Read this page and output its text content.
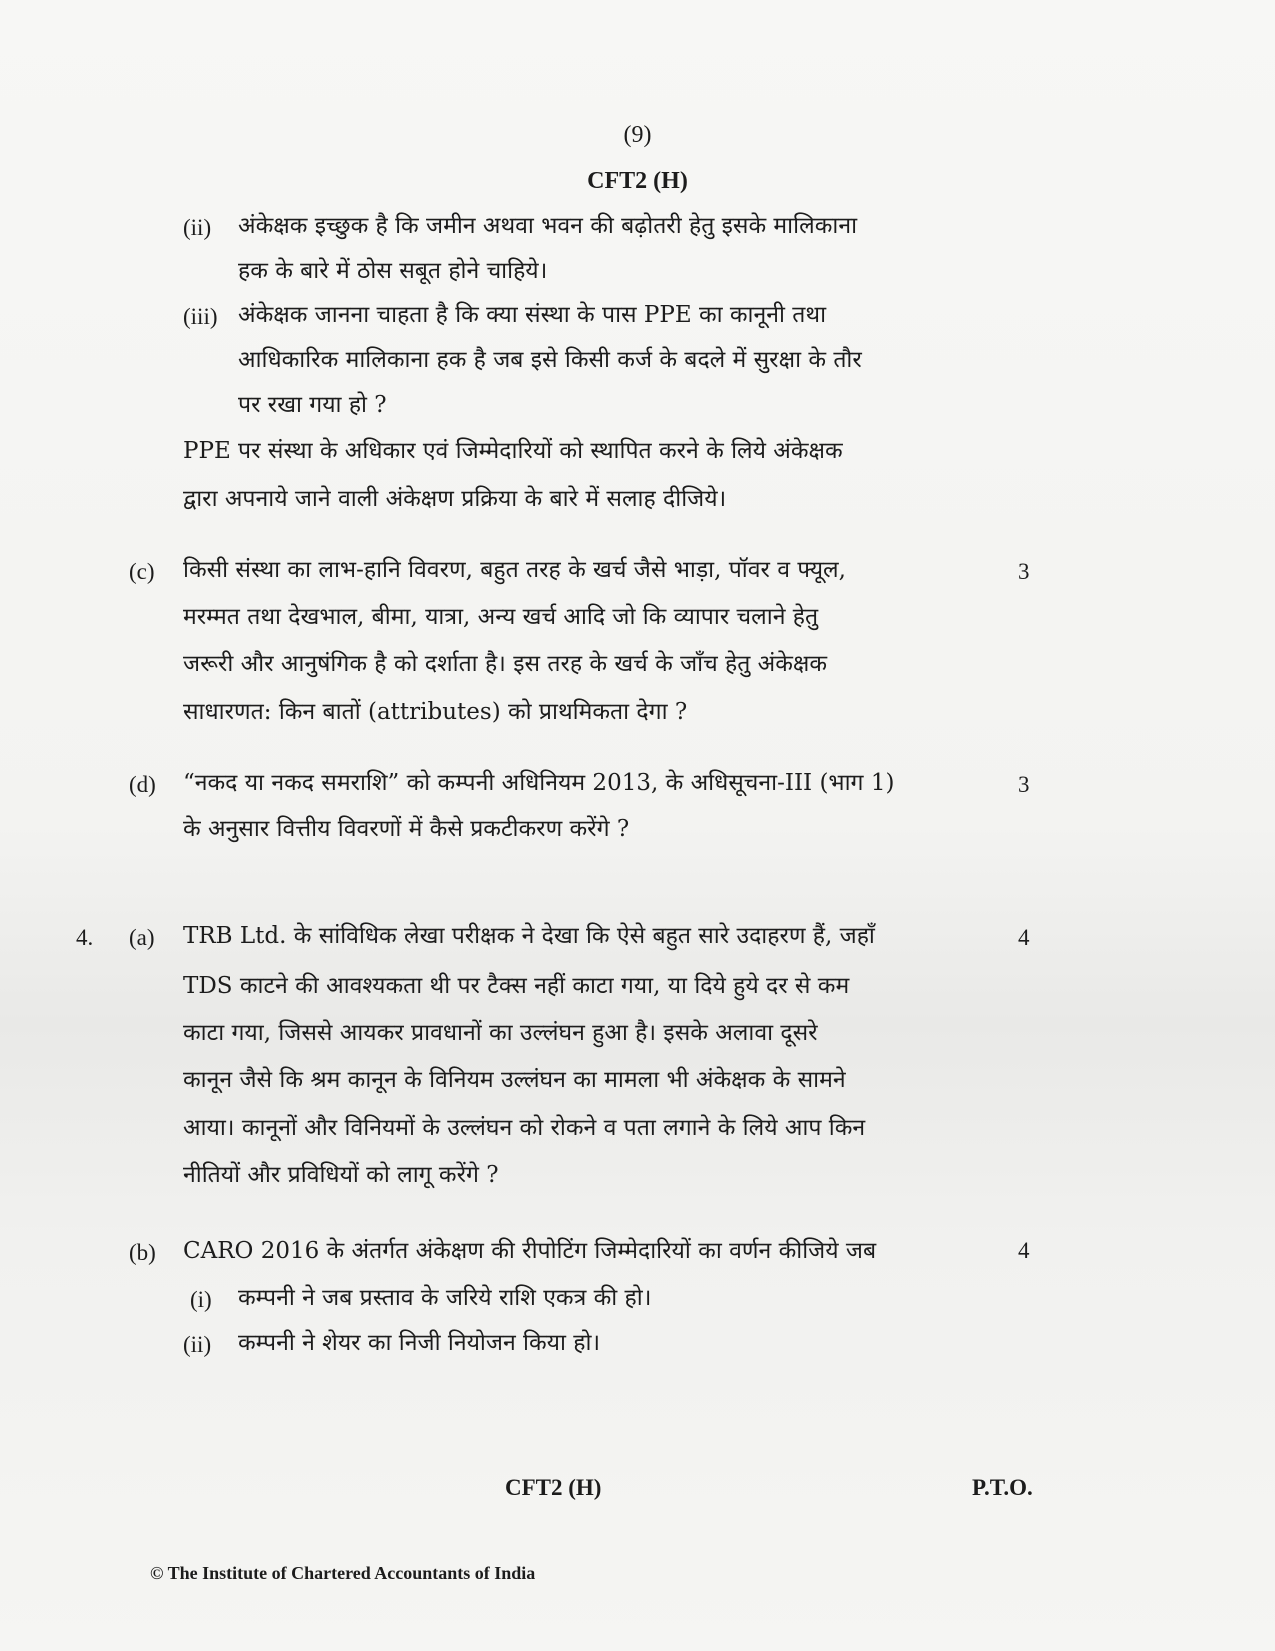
(9)
CFT2 (H)
(ii) अंकेक्षक इच्छुक है कि जमीन अथवा भवन की बढ़ोतरी हेतु इसके मालिकाना
हक के बारे में ठोस सबूत होने चाहिये।
(iii) अंकेक्षक जानना चाहता है कि क्या संस्था के पास PPE का कानूनी तथा
आधिकारिक मालिकाना हक है जब इसे किसी कर्ज के बदले में सुरक्षा के तौर
पर रखा गया हो ?
PPE पर संस्था के अधिकार एवं जिम्मेदारियों को स्थापित करने के लिये अंकेक्षक
द्वारा अपनाये जाने वाली अंकेक्षण प्रक्रिया के बारे में सलाह दीजिये।
(c) किसी संस्था का लाभ-हानि विवरण, बहुत तरह के खर्च जैसे भाड़ा, पॉवर व फ्यूल,	3
मरम्मत तथा देखभाल, बीमा, यात्रा, अन्य खर्च आदि जो कि व्यापार चलाने हेतु
जरूरी और आनुषंगिक है को दर्शाता है। इस तरह के खर्च के जाँच हेतु अंकेक्षक
साधारणत: किन बातों (attributes) को प्राथमिकता देगा ?
(d) “नकद या नकद समराशि” को कम्पनी अधिनियम 2013, के अधिसूचना-III (भाग 1)	3
के अनुसार वित्तीय विवरणों में कैसे प्रकटीकरण करेंगे ?
4. (a) TRB Ltd. के सांविधिक लेखा परीक्षक ने देखा कि ऐसे बहुत सारे उदाहरण हैं, जहाँ	4
TDS काटने की आवश्यकता थी पर टैक्स नहीं काटा गया, या दिये हुये दर से कम
काटा गया, जिससे आयकर प्रावधानों का उल्लंघन हुआ है। इसके अलावा दूसरे
कानून जैसे कि श्रम कानून के विनियम उल्लंघन का मामला भी अंकेक्षक के सामने
आया। कानूनों और विनियमों के उल्लंघन को रोकने व पता लगाने के लिये आप किन
नीतियों और प्रविधियों को लागू करेंगे ?
(b) CARO 2016 के अंतर्गत अंकेक्षण की रीपोटिंग जिम्मेदारियों का वर्णन कीजिये जब	4
(i) कम्पनी ने जब प्रस्ताव के जरिये राशि एकत्र की हो।
(ii) कम्पनी ने शेयर का निजी नियोजन किया हो।
CFT2 (H)	P.T.O.
© The Institute of Chartered Accountants of India
